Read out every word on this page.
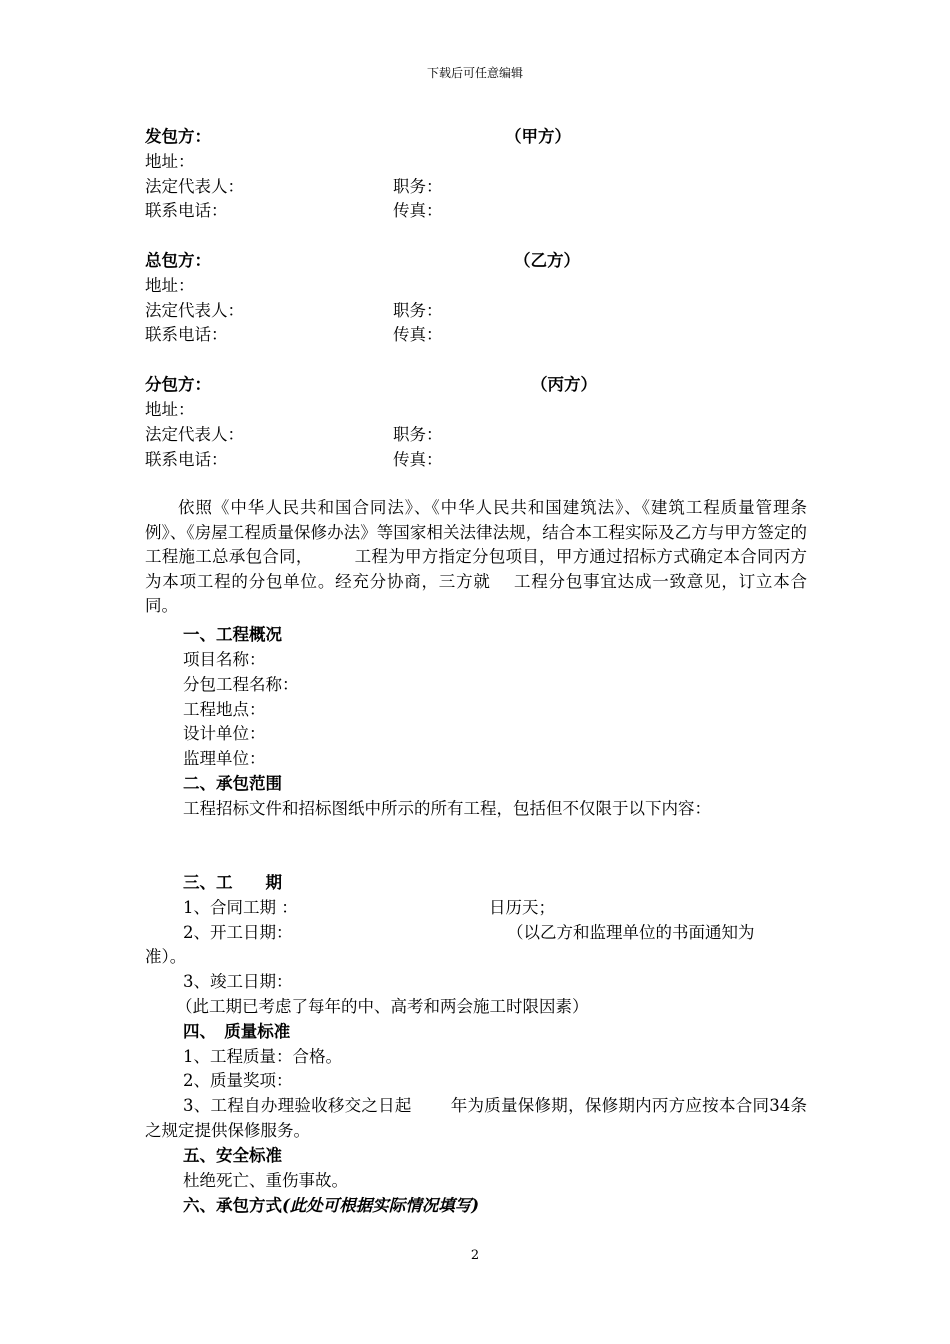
下载后可任意编辑
发包方：	（甲方）
地址：
法定代表人：	职务：
联系电话：	传真：
总包方：	（乙方）
地址：
法定代表人：	职务：
联系电话：	传真：
分包方：	（丙方）
地址：
法定代表人：	职务：
联系电话：	传真：

依照《中华人民共和国合同法》、《中华人民共和国建筑法》、《建筑工程质量管理条例》、《房屋工程质量保修办法》等国家相关法律法规，结合本工程实际及乙方与甲方签定的工程施工总承包合同，　　　工程为甲方指定分包项目，甲方通过招标方式确定本合同丙方为本项工程的分包单位。经充分协商，三方就　 工程分包事宜达成一致意见，订立本合同。

一、工程概况
项目名称：
分包工程名称：
工程地点：
设计单位：
监理单位：
二、承包范围
工程招标文件和招标图纸中所示的所有工程，包括但不仅限于以下内容：
三、工　　期
1、合同工期 ：	日历天；
2、开工日期：	（以乙方和监理单位的书面通知为
准）。
3、竣工日期：
（此工期已考虑了每年的中、高考和两会施工时限因素）
四、　质量标准
1、工程质量：合格。
2、质量奖项：

3、工程自办理验收移交之日起　　 年为质量保修期，保修期内丙方应按本合同34条之规定提供保修服务。

五、安全标准
杜绝死亡、重伤事故。
六、承包方式(此处可根据实际情况填写)
2
